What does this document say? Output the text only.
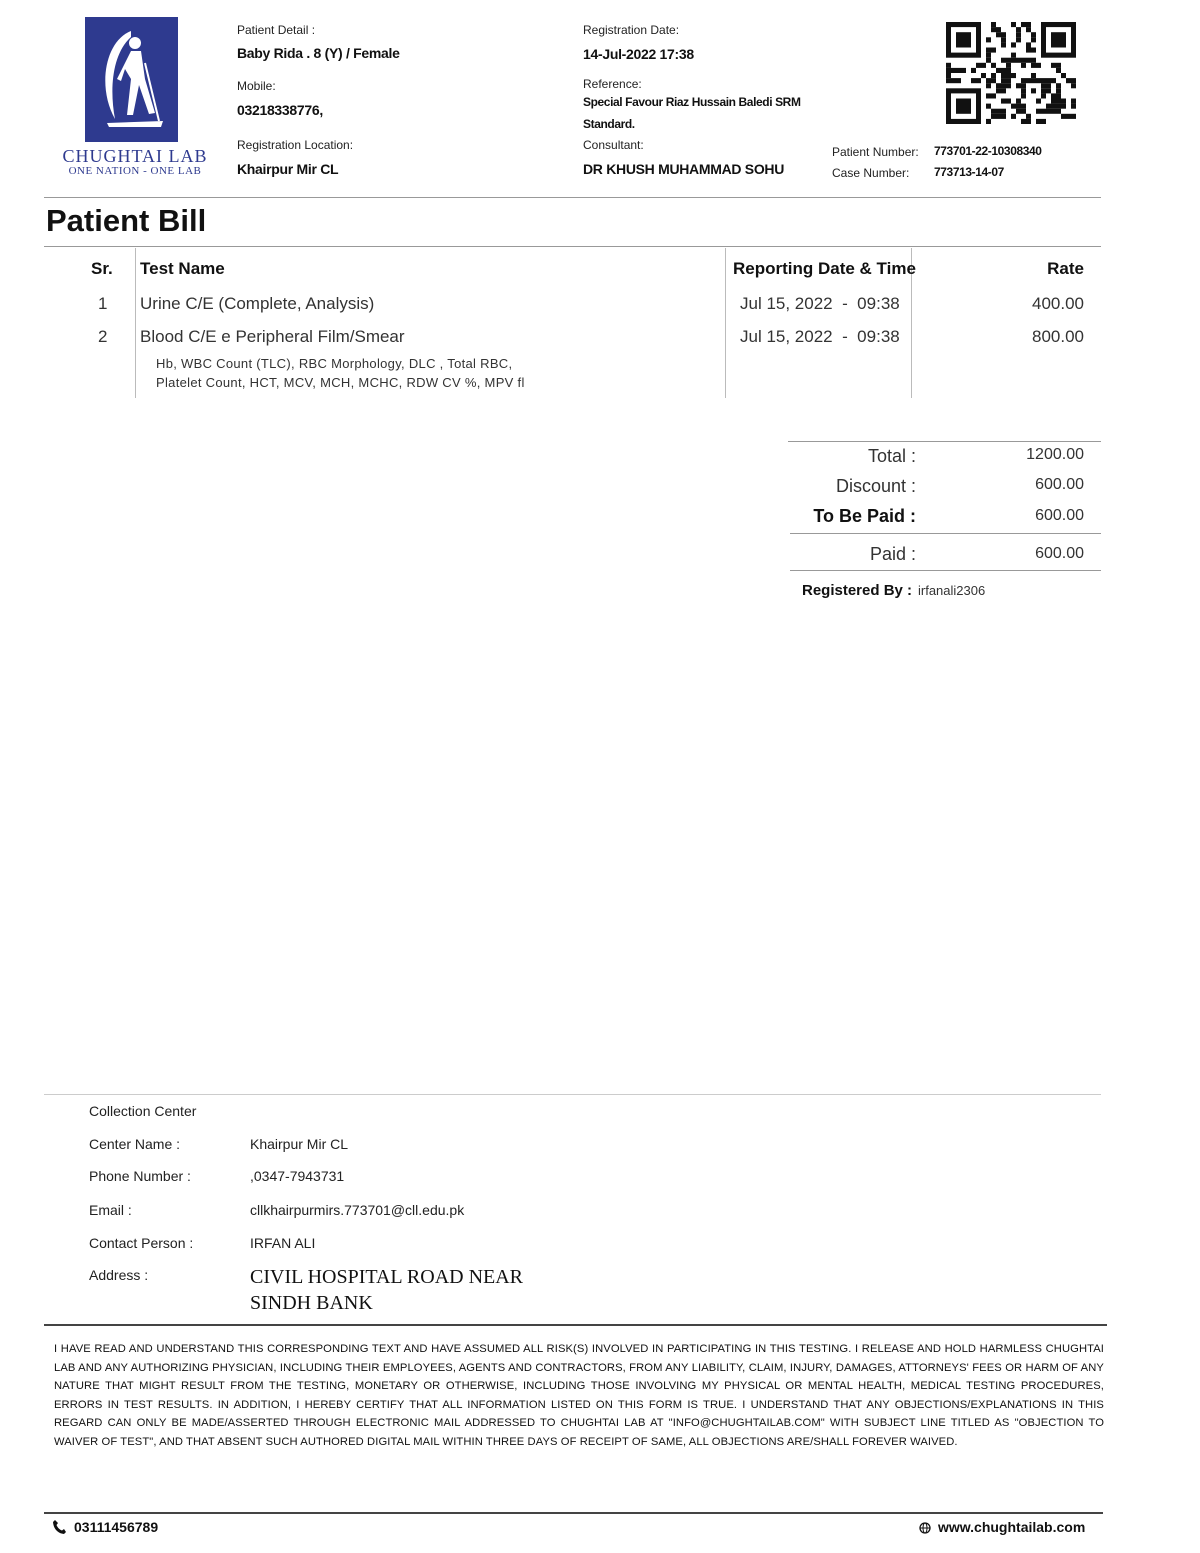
CHUGHTAI LAB
ONE NATION - ONE LAB
Patient Detail :
Baby Rida . 8 (Y) / Female
Mobile:
03218338776,
Registration Location:
Khairpur Mir CL
Registration Date:
14-Jul-2022 17:38
Reference:
Special Favour Riaz Hussain Baledi SRM
Standard.
Consultant:
DR KHUSH MUHAMMAD SOHU
Patient Number: 773701-22-10308340
Case Number: 773713-14-07
Patient Bill
Sr. Test Name	Reporting Date & Time	Rate
1 Urine C/E (Complete, Analysis)	Jul 15, 2022  -  09:38	400.00
2 Blood C/E e Peripheral Film/Smear	Jul 15, 2022  -  09:38	800.00
Hb, WBC Count (TLC), RBC Morphology, DLC , Total RBC,
Platelet Count, HCT, MCV, MCH, MCHC, RDW CV %, MPV fl
Total :	1200.00
Discount :	600.00
To Be Paid :	600.00
Paid :	600.00
Registered By : irfanali2306
Collection Center
Center Name :	Khairpur Mir CL
Phone Number :	,0347-7943731
Email :	cllkhairpurmirs.773701@cll.edu.pk
Contact Person :	IRFAN ALI
Address :	CIVIL HOSPITAL ROAD NEAR
SINDH BANK
I HAVE READ AND UNDERSTAND THIS CORRESPONDING TEXT AND HAVE ASSUMED ALL RISK(S) INVOLVED IN PARTICIPATING IN THIS TESTING. I RELEASE AND HOLD HARMLESS CHUGHTAI LAB AND ANY AUTHORIZING PHYSICIAN, INCLUDING THEIR EMPLOYEES, AGENTS AND CONTRACTORS, FROM ANY LIABILITY, CLAIM, INJURY, DAMAGES, ATTORNEYS' FEES OR HARM OF ANY NATURE THAT MIGHT RESULT FROM THE TESTING, MONETARY OR OTHERWISE, INCLUDING THOSE INVOLVING MY PHYSICAL OR MENTAL HEALTH, MEDICAL TESTING PROCEDURES, ERRORS IN TEST RESULTS. IN ADDITION, I HEREBY CERTIFY THAT ALL INFORMATION LISTED ON THIS FORM IS TRUE. I UNDERSTAND THAT ANY OBJECTIONS/EXPLANATIONS IN THIS REGARD CAN ONLY BE MADE/ASSERTED THROUGH ELECTRONIC MAIL ADDRESSED TO CHUGHTAI LAB AT "INFO@CHUGHTAILAB.COM" WITH SUBJECT LINE TITLED AS "OBJECTION TO WAIVER OF TEST", AND THAT ABSENT SUCH AUTHORED DIGITAL MAIL WITHIN THREE DAYS OF RECEIPT OF SAME, ALL OBJECTIONS ARE/SHALL FOREVER WAIVED.
03111456789	www.chughtailab.com
